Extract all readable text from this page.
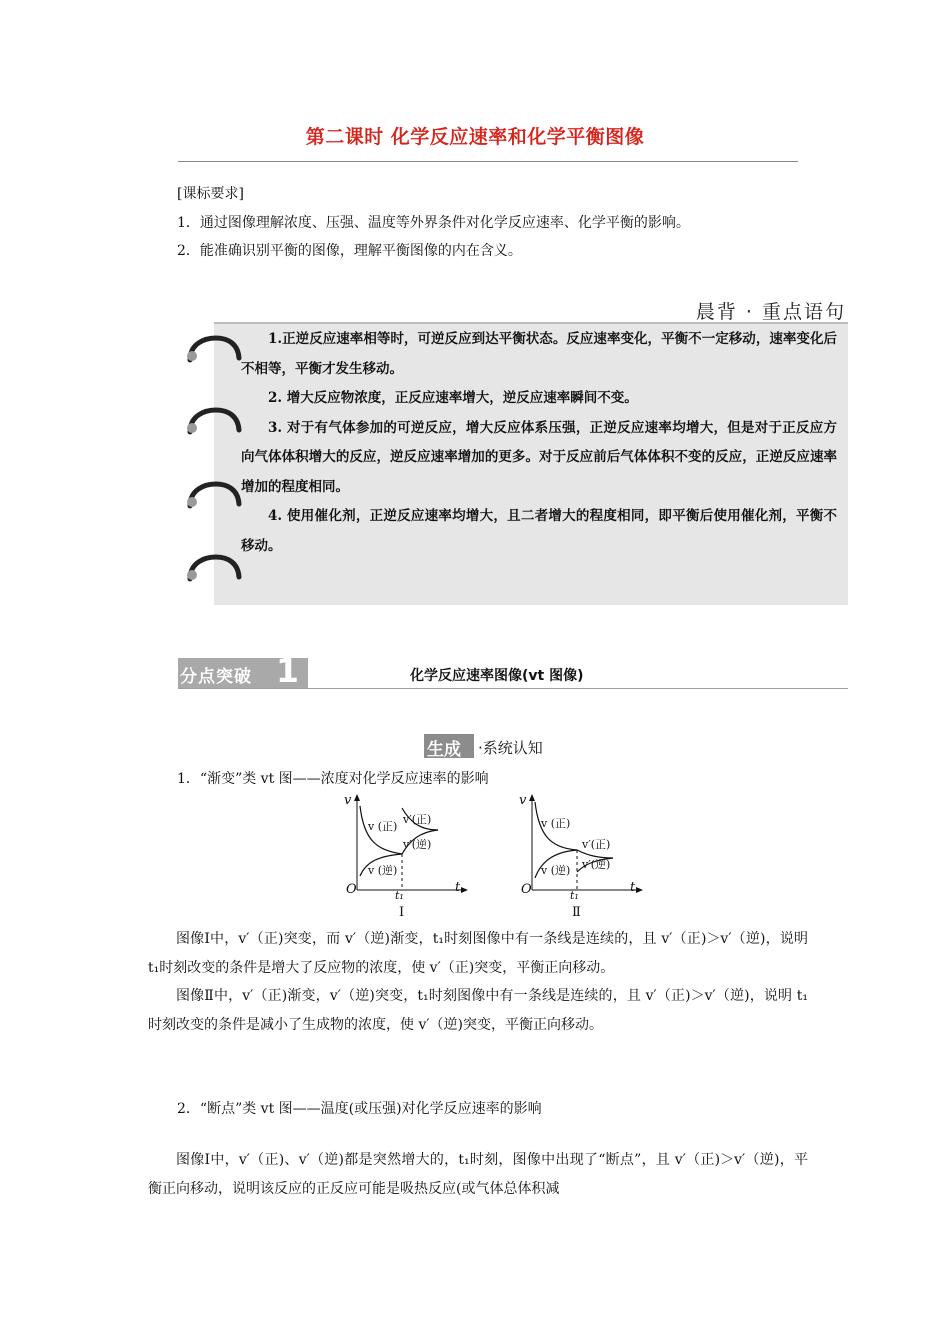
第二课时 化学反应速率和化学平衡图像
[课标要求]
1．通过图像理解浓度、压强、温度等外界条件对化学反应速率、化学平衡的影响。
2．能准确识别平衡的图像，理解平衡图像的内在含义。
晨背 · 重点语句

1.正逆反应速率相等时，可逆反应到达平衡状态。反应速率变化，平衡不一定移动，速率变化后不相等，平衡才发生移动。

2. 增大反应物浓度，正反应速率增大，逆反应速率瞬间不变。

3. 对于有气体参加的可逆反应，增大反应体系压强，正逆反应速率均增大，但是对于正反应方向气体体积增大的反应，逆反应速率增加的更多。对于反应前后气体体积不变的反应，正逆反应速率增加的程度相同。

4. 使用催化剂，正逆反应速率均增大，且二者增大的程度相同，即平衡后使用催化剂，平衡不移动。

分点突破 1	化学反应速率图像(vt 图像)
生成 ·系统认知
1．“渐变”类 vt 图——浓度对化学反应速率的影响
v
t
O	t₁
v (正)
v (逆)
v′(正)
v′(逆)
Ⅰ
v
t
O	t₁
v (正)
v (逆)
v′(正)
v′(逆)
Ⅱ

图像Ⅰ中，v′（正)突变，而 v′（逆)渐变，t₁时刻图像中有一条线是连续的，且 v′（正)＞v′（逆)，说明 t₁时刻改变的条件是增大了反应物的浓度，使 v′（正)突变，平衡正向移动。

图像Ⅱ中，v′（正)渐变，v′（逆)突变，t₁时刻图像中有一条线是连续的，且 v′（正)＞v′（逆)，说明 t₁时刻改变的条件是减小了生成物的浓度，使 v′（逆)突变，平衡正向移动。

2．“断点”类 vt 图——温度(或压强)对化学反应速率的影响

图像Ⅰ中，v′（正)、v′（逆)都是突然增大的，t₁时刻，图像中出现了“断点”，且 v′（正)＞v′（逆)，平衡正向移动，说明该反应的正反应可能是吸热反应(或气体总体积减
